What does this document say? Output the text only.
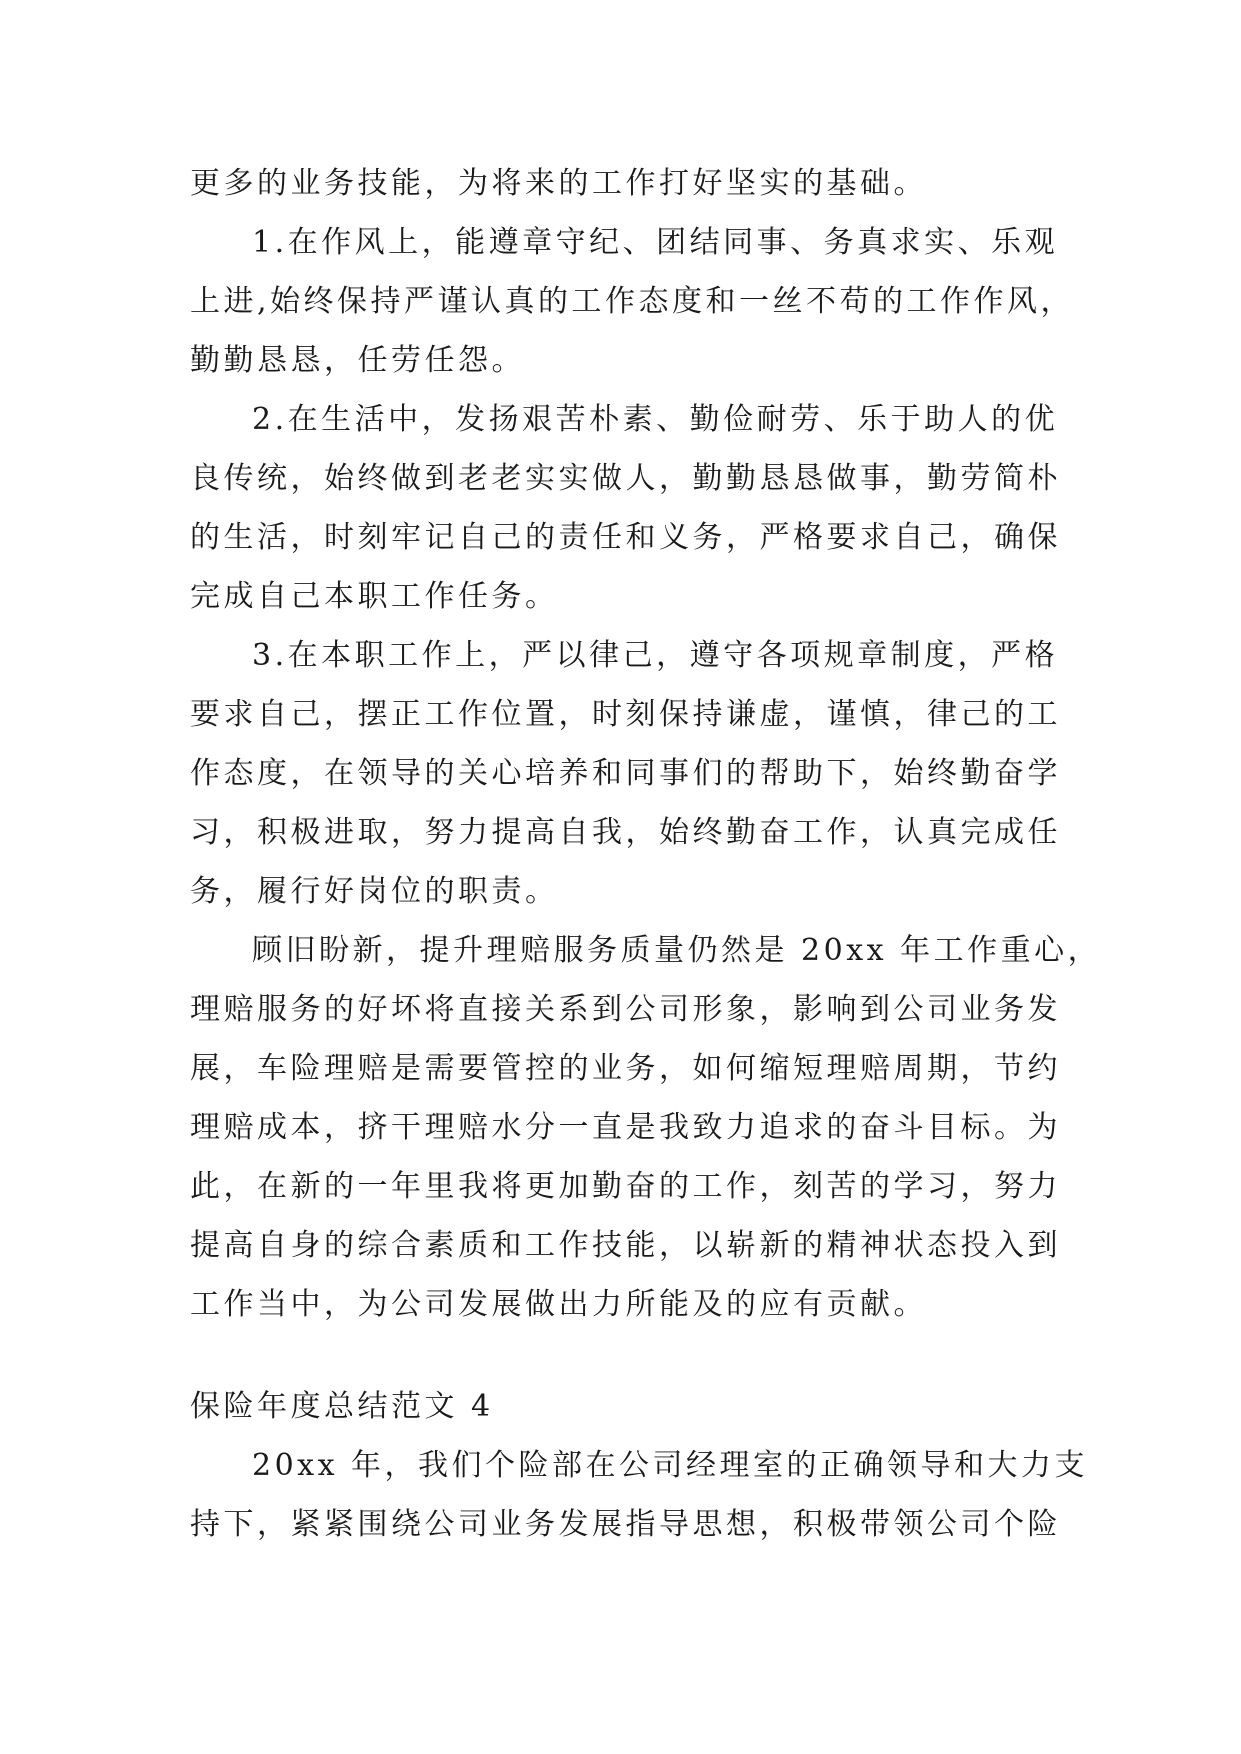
更多的业务技能，为将来的工作打好坚实的基础。
1.在作风上，能遵章守纪、团结同事、务真求实、乐观
上进,始终保持严谨认真的工作态度和一丝不苟的工作作风，
勤勤恳恳，任劳任怨。
2.在生活中，发扬艰苦朴素、勤俭耐劳、乐于助人的优
良传统，始终做到老老实实做人，勤勤恳恳做事，勤劳简朴
的生活，时刻牢记自己的责任和义务，严格要求自己，确保
完成自己本职工作任务。
3.在本职工作上，严以律己，遵守各项规章制度，严格
要求自己，摆正工作位置，时刻保持谦虚，谨慎，律己的工
作态度，在领导的关心培养和同事们的帮助下，始终勤奋学
习，积极进取，努力提高自我，始终勤奋工作，认真完成任
务，履行好岗位的职责。
顾旧盼新，提升理赔服务质量仍然是 20xx 年工作重心，
理赔服务的好坏将直接关系到公司形象，影响到公司业务发
展，车险理赔是需要管控的业务，如何缩短理赔周期，节约
理赔成本，挤干理赔水分一直是我致力追求的奋斗目标。为
此，在新的一年里我将更加勤奋的工作，刻苦的学习，努力
提高自身的综合素质和工作技能，以崭新的精神状态投入到
工作当中，为公司发展做出力所能及的应有贡献。
保险年度总结范文 4
20xx 年，我们个险部在公司经理室的正确领导和大力支
持下，紧紧围绕公司业务发展指导思想，积极带领公司个险
